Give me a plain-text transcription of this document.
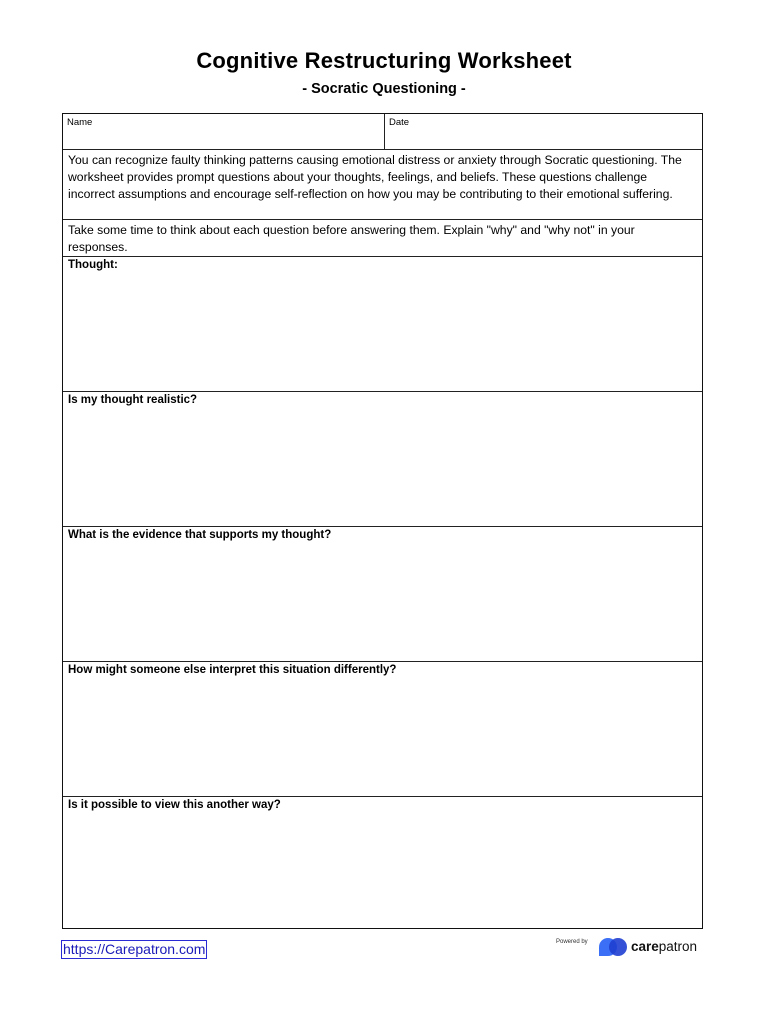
Cognitive Restructuring Worksheet
- Socratic Questioning -
Name	Date
You can recognize faulty thinking patterns causing emotional distress or anxiety through Socratic questioning. The worksheet provides prompt questions about your thoughts, feelings, and beliefs. These questions challenge incorrect assumptions and encourage self-reflection on how you may be contributing to their emotional suffering.
Take some time to think about each question before answering them. Explain "why" and "why not" in your responses.
Thought:
Is my thought realistic?
What is the evidence that supports my thought?
How might someone else interpret this situation differently?
Is it possible to view this another way?
https://Carepatron.com	Powered by	carepatron
